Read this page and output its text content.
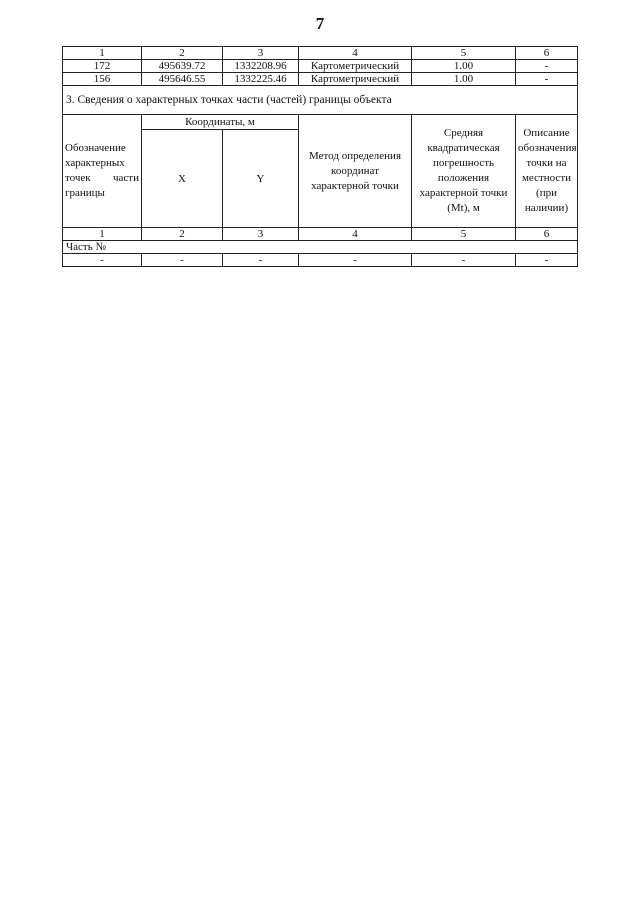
7
1	2	3	4	5	6
172	495639.72	1332208.96	Картометрический	1.00	-
156	495646.55	1332225.46	Картометрический	1.00	-
3. Сведения о характерных точках части (частей) границы объекта					

Обозначение
характерных
точек части
границы	Координаты, м		Метод определения координат характерной точки	Средняя квадратическая погрешность положения характерной точки (Mt), м	Описание обозначения точки на местности (при наличии)
	X	Y			
1	2	3	4	5	6
Часть №					
-	-	-	-	-	-
